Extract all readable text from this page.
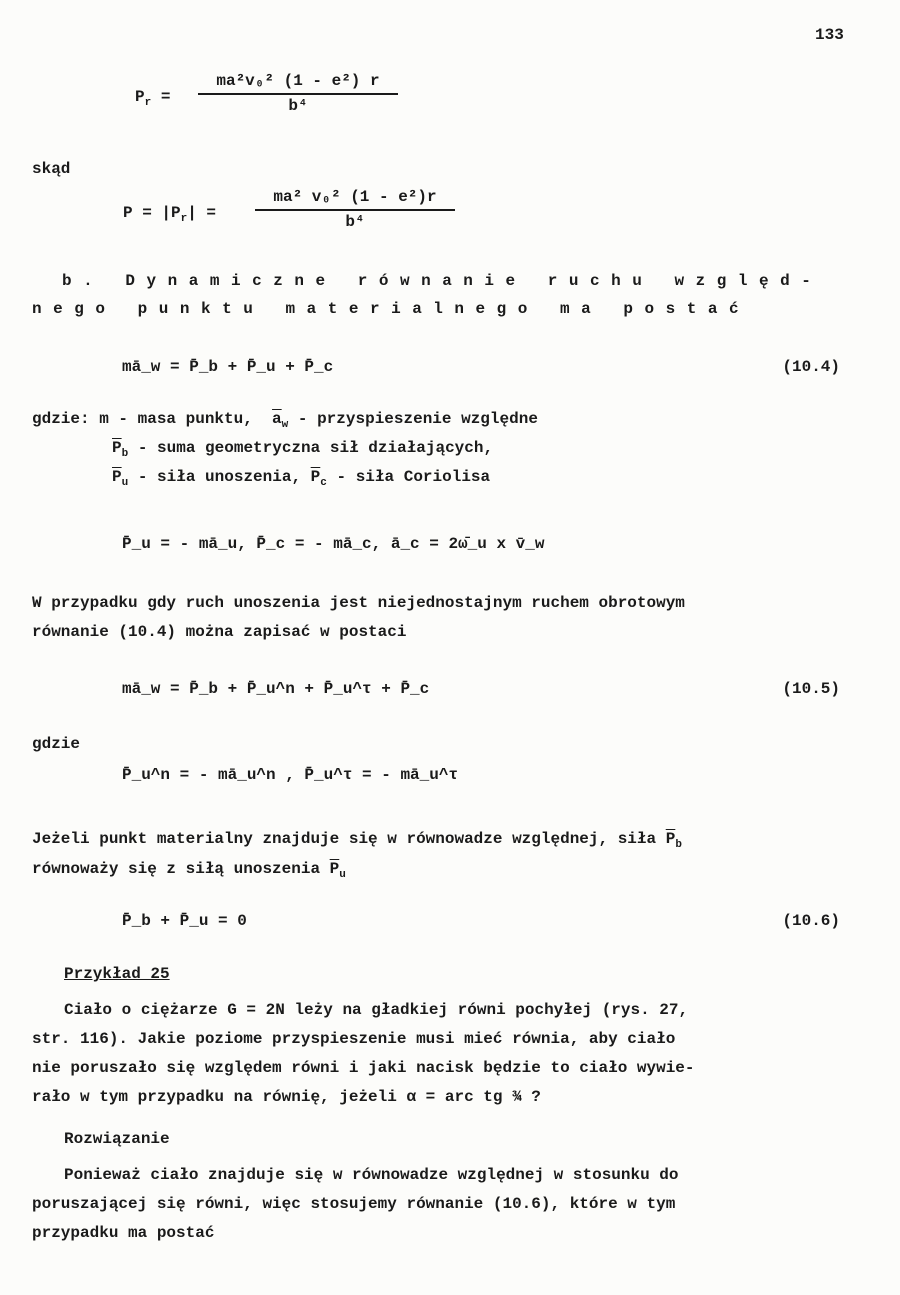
133
$P_r = \frac{\text{ma²v₀² (1 - e²) r}}{\text{b⁴}}$
skąd
$P = |P_r| = \frac{\text{ma² v₀² (1 - e²)r}}{\text{b⁴}}$
b. Dynamiczne równanie ruchu względ-
nego punktu materialnego ma postać
mā_w = P̄_b + P̄_u + P̄_c	(10.4)
gdzie: m - masa punktu, $\overline{a}_w$ - przyspieszenie względne
$\overline{P}_b$ - suma geometryczna sił działających,
$\overline{P}_u$ - siła unoszenia, $\overline{P}_c$ - siła Coriolisa
P̄_u = - mā_u, P̄_c = - mā_c, ā_c = 2ω̄_u x v̄_w
W przypadku gdy ruch unoszenia jest niejednostajnym ruchem obrotowym
równanie (10.4) można zapisać w postaci
mā_w = P̄_b + P̄_u^n + P̄_u^τ + P̄_c	(10.5)
gdzie
P̄_u^n = - mā_u^n , P̄_u^τ = - mā_u^τ
Jeżeli punkt materialny znajduje się w równowadze względnej, siła $\overline{P}_b$
równoważy się z siłą unoszenia $\overline{P}_u$
P̄_b + P̄_u = 0	(10.6)
Przykład 25
Ciało o ciężarze G = 2N leży na gładkiej równi pochyłej (rys. 27,
str. 116). Jakie poziome przyspieszenie musi mieć równia, aby ciało
nie poruszało się względem równi i jaki nacisk będzie to ciało wywie-
rało w tym przypadku na równię, jeżeli α = arc tg ¾ ?
Rozwiązanie
Ponieważ ciało znajduje się w równowadze względnej w stosunku do
poruszającej się równi, więc stosujemy równanie (10.6), które w tym
przypadku ma postać
